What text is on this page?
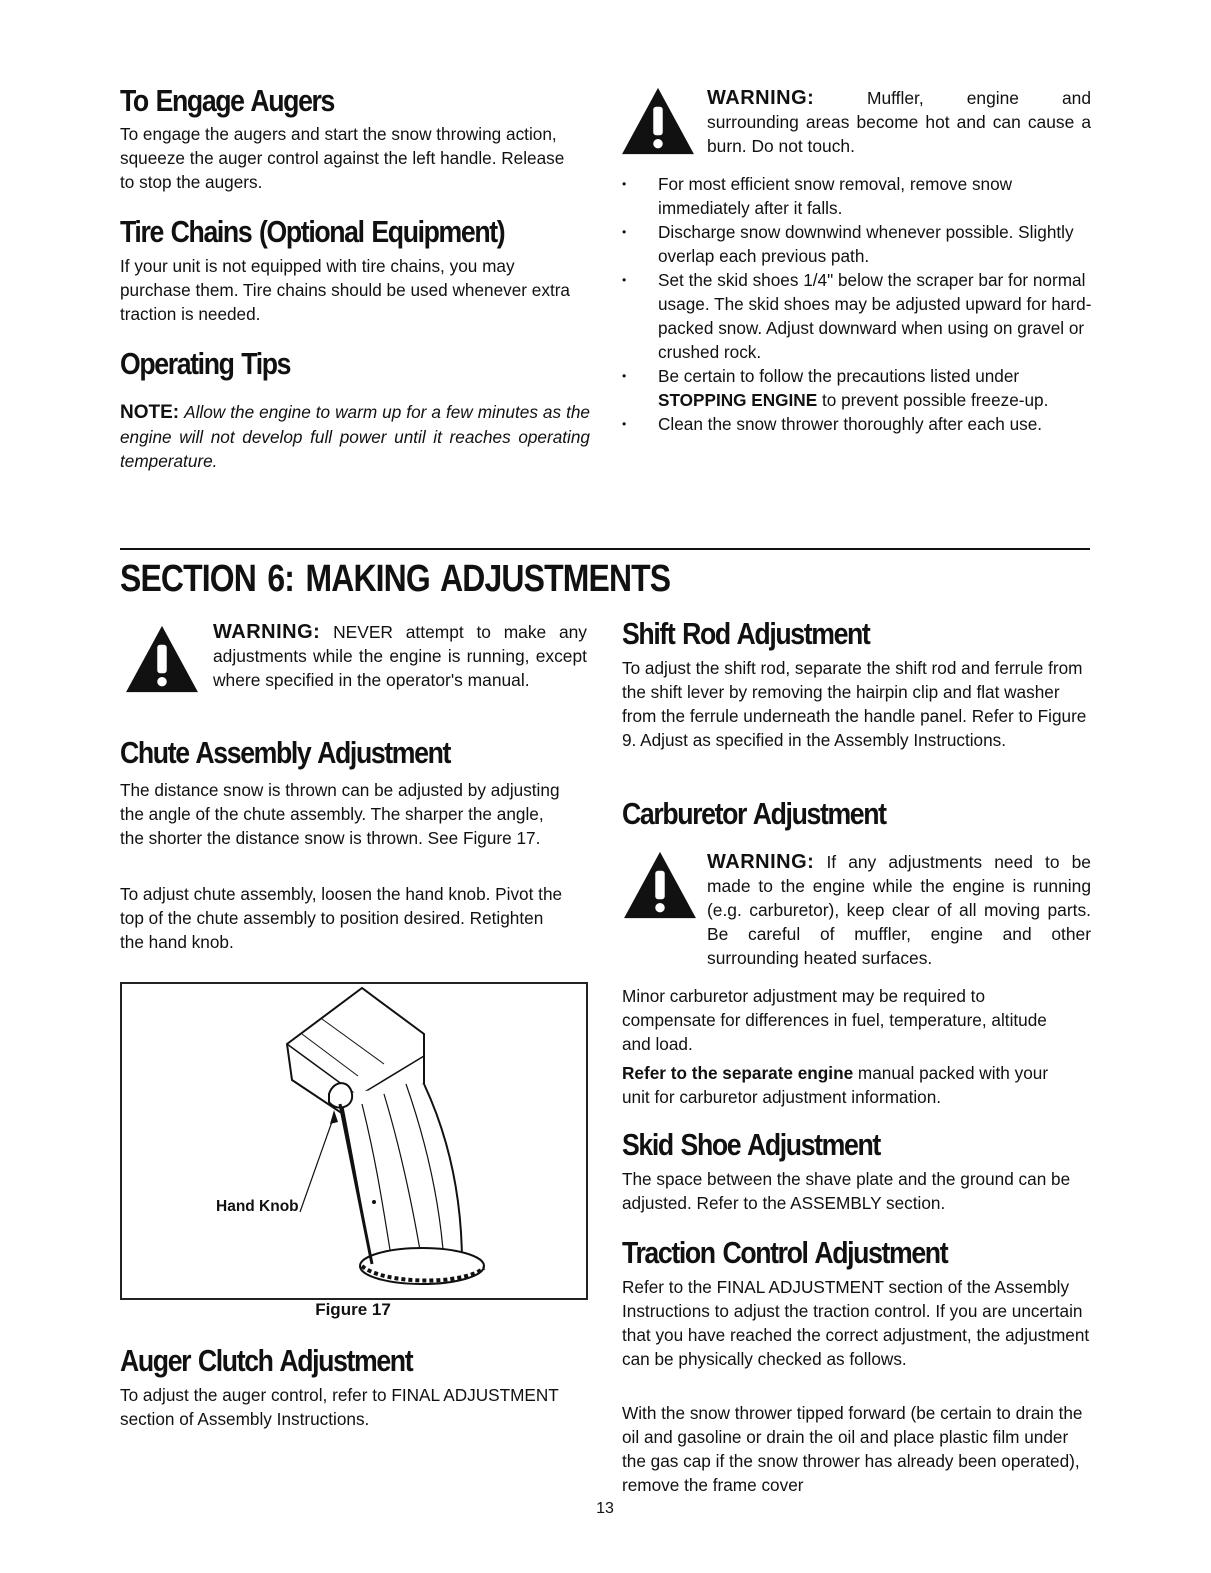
To Engage Augers

To engage the augers and start the snow throwing action, squeeze the auger control against the left handle. Release to stop the augers.

Tire Chains (Optional Equipment)

If your unit is not equipped with tire chains, you may purchase them. Tire chains should be used whenever extra traction is needed.

Operating Tips

NOTE: Allow the engine to warm up for a few minutes as the engine will not develop full power until it reaches operating temperature.

WARNING:	Muffler, engine and surrounding areas become hot and can cause a burn. Do not touch.

• For most efficient snow removal, remove snow immediately after it falls.
• Discharge snow downwind whenever possible. Slightly overlap each previous path.
• Set the skid shoes 1/4" below the scraper bar for normal usage. The skid shoes may be adjusted upward for hard-packed snow. Adjust downward when using on gravel or crushed rock.
• Be certain to follow the precautions listed under STOPPING ENGINE to prevent possible freeze-up.
• Clean the snow thrower thoroughly after each use.
SECTION 6: MAKING ADJUSTMENTS

WARNING: NEVER attempt to make any adjustments while the engine is running, except where specified in the operator's manual.

Chute Assembly Adjustment

The distance snow is thrown can be adjusted by adjusting the angle of the chute assembly. The sharper the angle, the shorter the distance snow is thrown. See Figure 17.

To adjust chute assembly, loosen the hand knob. Pivot the top of the chute assembly to position desired. Retighten the hand knob.

Hand Knob
Figure 17
Auger Clutch Adjustment

To adjust the auger control, refer to FINAL ADJUSTMENT section of Assembly Instructions.

Shift Rod Adjustment

To adjust the shift rod, separate the shift rod and ferrule from the shift lever by removing the hairpin clip and flat washer from the ferrule underneath the handle panel. Refer to Figure 9. Adjust as specified in the Assembly Instructions.

Carburetor Adjustment

WARNING: If any adjustments need to be made to the engine while the engine is running (e.g. carburetor), keep clear of all moving parts. Be careful of muffler, engine and other surrounding heated surfaces.

Minor carburetor adjustment may be required to compensate for differences in fuel, temperature, altitude and load.

Refer to the separate engine manual packed with your unit for carburetor adjustment information.

Skid Shoe Adjustment

The space between the shave plate and the ground can be adjusted. Refer to the ASSEMBLY section.

Traction Control Adjustment

Refer to the FINAL ADJUSTMENT section of the Assembly Instructions to adjust the traction control. If you are uncertain that you have reached the correct adjustment, the adjustment can be physically checked as follows.

With the snow thrower tipped forward (be certain to drain the oil and gasoline or drain the oil and place plastic film under the gas cap if the snow thrower has already been operated), remove the frame cover

13
